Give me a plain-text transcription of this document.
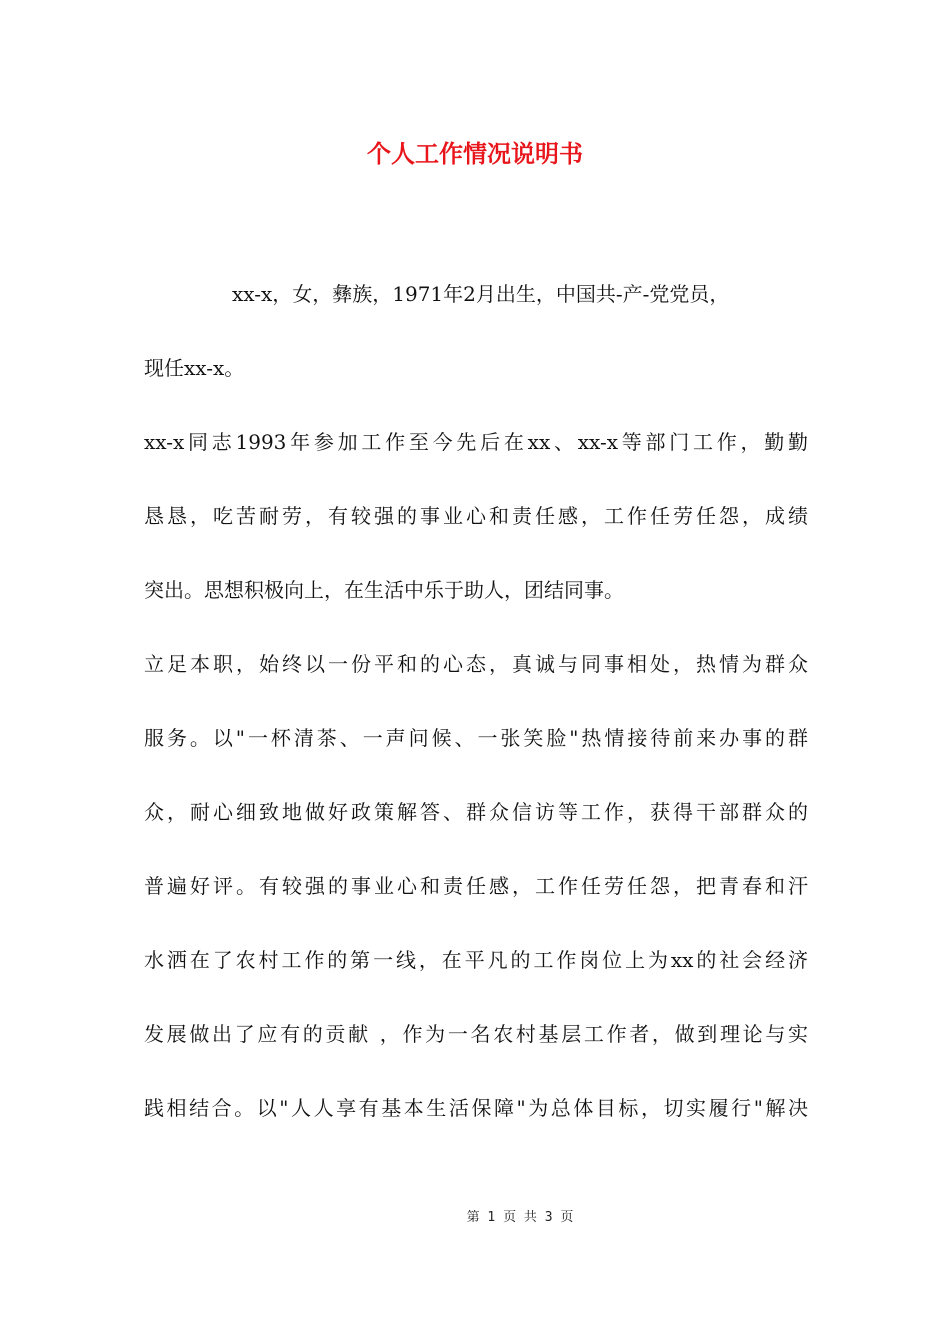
个人工作情况说明书

xx-x，女，彝族，1971年2月出生，中国共-产-党党员，

现任xx-x。

xx-x同志1993年参加工作至今先后在xx、xx-x等部门工作，勤勤

恳恳，吃苦耐劳，有较强的事业心和责任感，工作任劳任怨，成绩

突出。思想积极向上，在生活中乐于助人，团结同事。

立足本职，始终以一份平和的心态，真诚与同事相处，热情为群众

服务。以"一杯清茶、一声问候、一张笑脸"热情接待前来办事的群

众，耐心细致地做好政策解答、群众信访等工作，获得干部群众的

普遍好评。有较强的事业心和责任感，工作任劳任怨，把青春和汗

水洒在了农村工作的第一线，在平凡的工作岗位上为xx的社会经济

发展做出了应有的贡献 ，作为一名农村基层工作者，做到理论与实

践相结合。以"人人享有基本生活保障"为总体目标，切实履行"解决

第 1 页 共 3 页
